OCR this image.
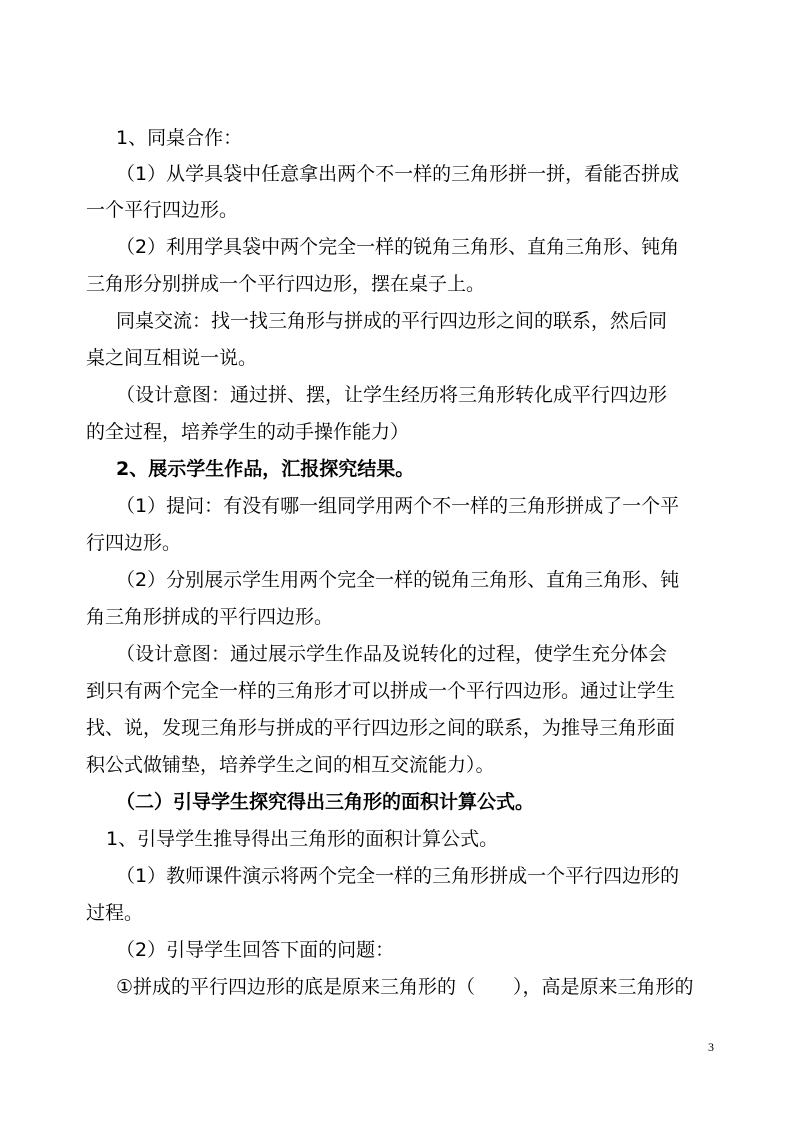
1、同桌合作：
（1）从学具袋中任意拿出两个不一样的三角形拼一拼，看能否拼成
一个平行四边形。
（2）利用学具袋中两个完全一样的锐角三角形、直角三角形、钝角
三角形分别拼成一个平行四边形，摆在桌子上。
同桌交流：找一找三角形与拼成的平行四边形之间的联系，然后同
桌之间互相说一说。
（设计意图：通过拼、摆，让学生经历将三角形转化成平行四边形
的全过程，培养学生的动手操作能力）
2、展示学生作品，汇报探究结果。
（1）提问：有没有哪一组同学用两个不一样的三角形拼成了一个平
行四边形。
（2）分别展示学生用两个完全一样的锐角三角形、直角三角形、钝
角三角形拼成的平行四边形。
（设计意图：通过展示学生作品及说转化的过程，使学生充分体会
到只有两个完全一样的三角形才可以拼成一个平行四边形。通过让学生
找、说，发现三角形与拼成的平行四边形之间的联系，为推导三角形面
积公式做铺垫，培养学生之间的相互交流能力）。
（二）引导学生探究得出三角形的面积计算公式。
1、引导学生推导得出三角形的面积计算公式。
（1）教师课件演示将两个完全一样的三角形拼成一个平行四边形的
过程。
（2）引导学生回答下面的问题：
①拼成的平行四边形的底是原来三角形的（　　），高是原来三角形的
3
